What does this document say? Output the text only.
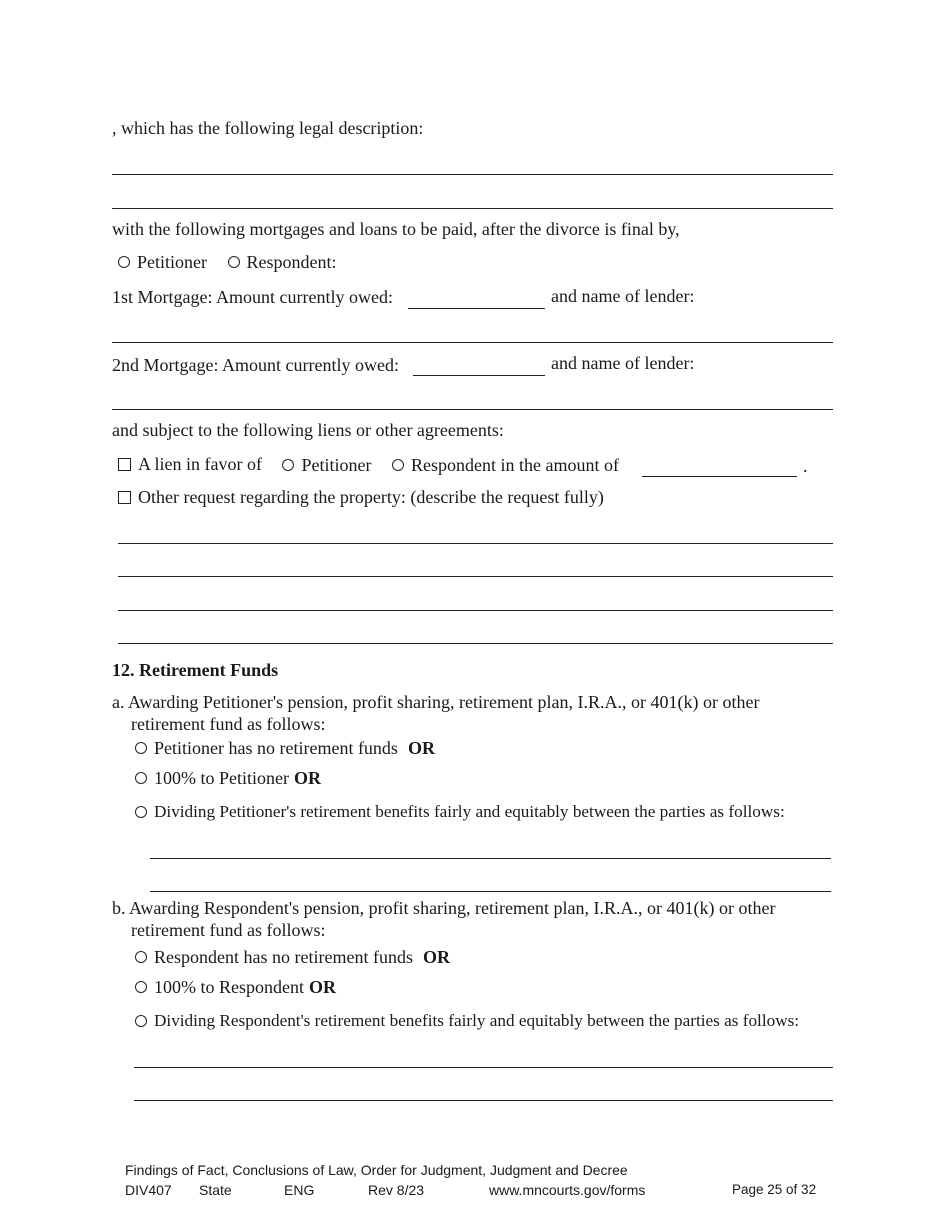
, which has the following legal description:
with the following mortgages and loans to be paid, after the divorce is final by,
Petitioner
Respondent:
1st Mortgage: Amount currently owed:	and name of lender:
2nd Mortgage: Amount currently owed:	and name of lender:
and subject to the following liens or other agreements:
A lien in favor of
Petitioner
Respondent in the amount of	.
Other request regarding the property: (describe the request fully)
12. Retirement Funds
a. Awarding Petitioner's pension, profit sharing, retirement plan, I.R.A., or 401(k) or other
retirement fund as follows:
Petitioner has no retirement funds OR
100% to Petitioner OR
Dividing Petitioner's retirement benefits fairly and equitably between the parties as follows:
b. Awarding Respondent's pension, profit sharing, retirement plan, I.R.A., or 401(k) or other
retirement fund as follows:
Respondent has no retirement funds OR
100% to Respondent OR
Dividing Respondent's retirement benefits fairly and equitably between the parties as follows:
Findings of Fact, Conclusions of Law, Order for Judgment, Judgment and Decree
DIV407 State	ENG	Rev 8/23	www.mncourts.gov/forms	Page 25 of 32
